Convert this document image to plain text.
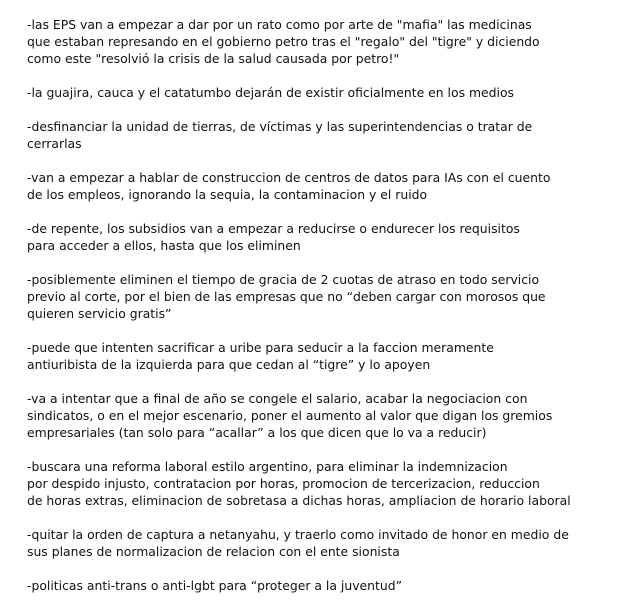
-las EPS van a empezar a dar por un rato como por arte de "mafia" las medicinas
que estaban represando en el gobierno petro tras el "regalo" del "tigre" y diciendo
como este "resolvió la crisis de la salud causada por petro!"

-la guajira, cauca y el catatumbo dejarán de existir oficialmente en los medios

-desfinanciar la unidad de tierras, de víctimas y las superintendencias o tratar de
cerrarlas

-van a empezar a hablar de construccion de centros de datos para IAs con el cuento
de los empleos, ignorando la sequia, la contaminacion y el ruido

-de repente, los subsidios van a empezar a reducirse o endurecer los requisitos
para acceder a ellos, hasta que los eliminen

-posiblemente eliminen el tiempo de gracia de 2 cuotas de atraso en todo servicio
previo al corte, por el bien de las empresas que no “deben cargar con morosos que
quieren servicio gratis”

-puede que intenten sacrificar a uribe para seducir a la faccion meramente
antiuribista de la izquierda para que cedan al “tigre” y lo apoyen

-va a intentar que a final de año se congele el salario, acabar la negociacion con
sindicatos, o en el mejor escenario, poner el aumento al valor que digan los gremios
empresariales (tan solo para “acallar” a los que dicen que lo va a reducir)

-buscara una reforma laboral estilo argentino, para eliminar la indemnizacion
por despido injusto, contratacion por horas, promocion de tercerizacion, reduccion
de horas extras, eliminacion de sobretasa a dichas horas, ampliacion de horario laboral

-quitar la orden de captura a netanyahu, y traerlo como invitado de honor en medio de
sus planes de normalizacion de relacion con el ente sionista

-politicas anti-trans o anti-lgbt para “proteger a la juventud”
